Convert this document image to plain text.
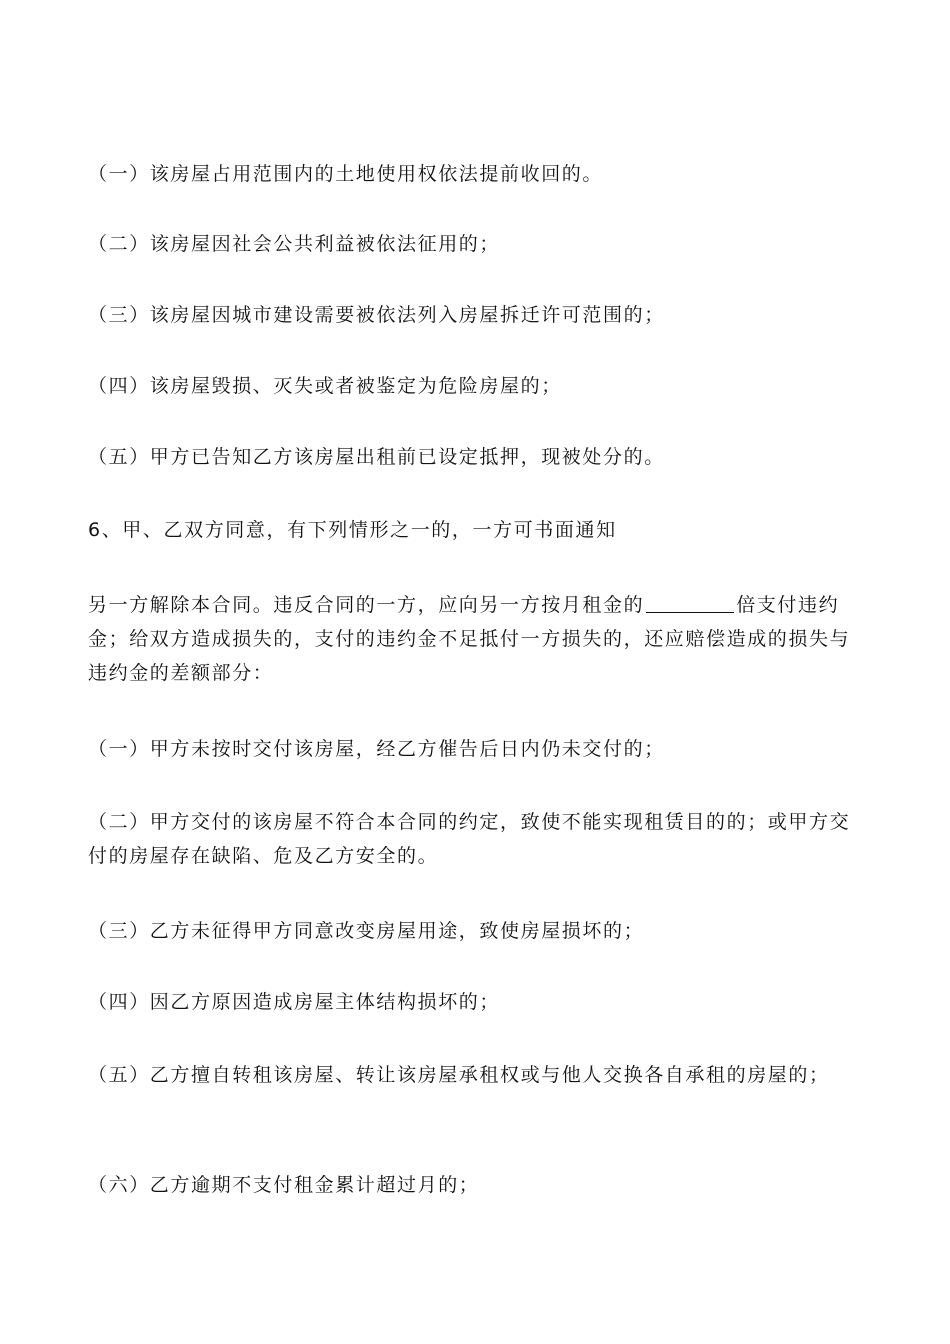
（一）该房屋占用范围内的土地使用权依法提前收回的。

（二）该房屋因社会公共利益被依法征用的；

（三）该房屋因城市建设需要被依法列入房屋拆迁许可范围的；

（四）该房屋毁损、灭失或者被鉴定为危险房屋的；

（五）甲方已告知乙方该房屋出租前已设定抵押，现被处分的。

6、甲、乙双方同意，有下列情形之一的，一方可书面通知

另一方解除本合同。违反合同的一方，应向另一方按月租金的	倍支付违约金；给双方造成损失的，支付的违约金不足抵付一方损失的，还应赔偿造成的损失与违约金的差额部分：

（一）甲方未按时交付该房屋，经乙方催告后日内仍未交付的；

（二）甲方交付的该房屋不符合本合同的约定，致使不能实现租赁目的的；或甲方交付的房屋存在缺陷、危及乙方安全的。

（三）乙方未征得甲方同意改变房屋用途，致使房屋损坏的；

（四）因乙方原因造成房屋主体结构损坏的；

（五）乙方擅自转租该房屋、转让该房屋承租权或与他人交换各自承租的房屋的；

（六）乙方逾期不支付租金累计超过月的；
